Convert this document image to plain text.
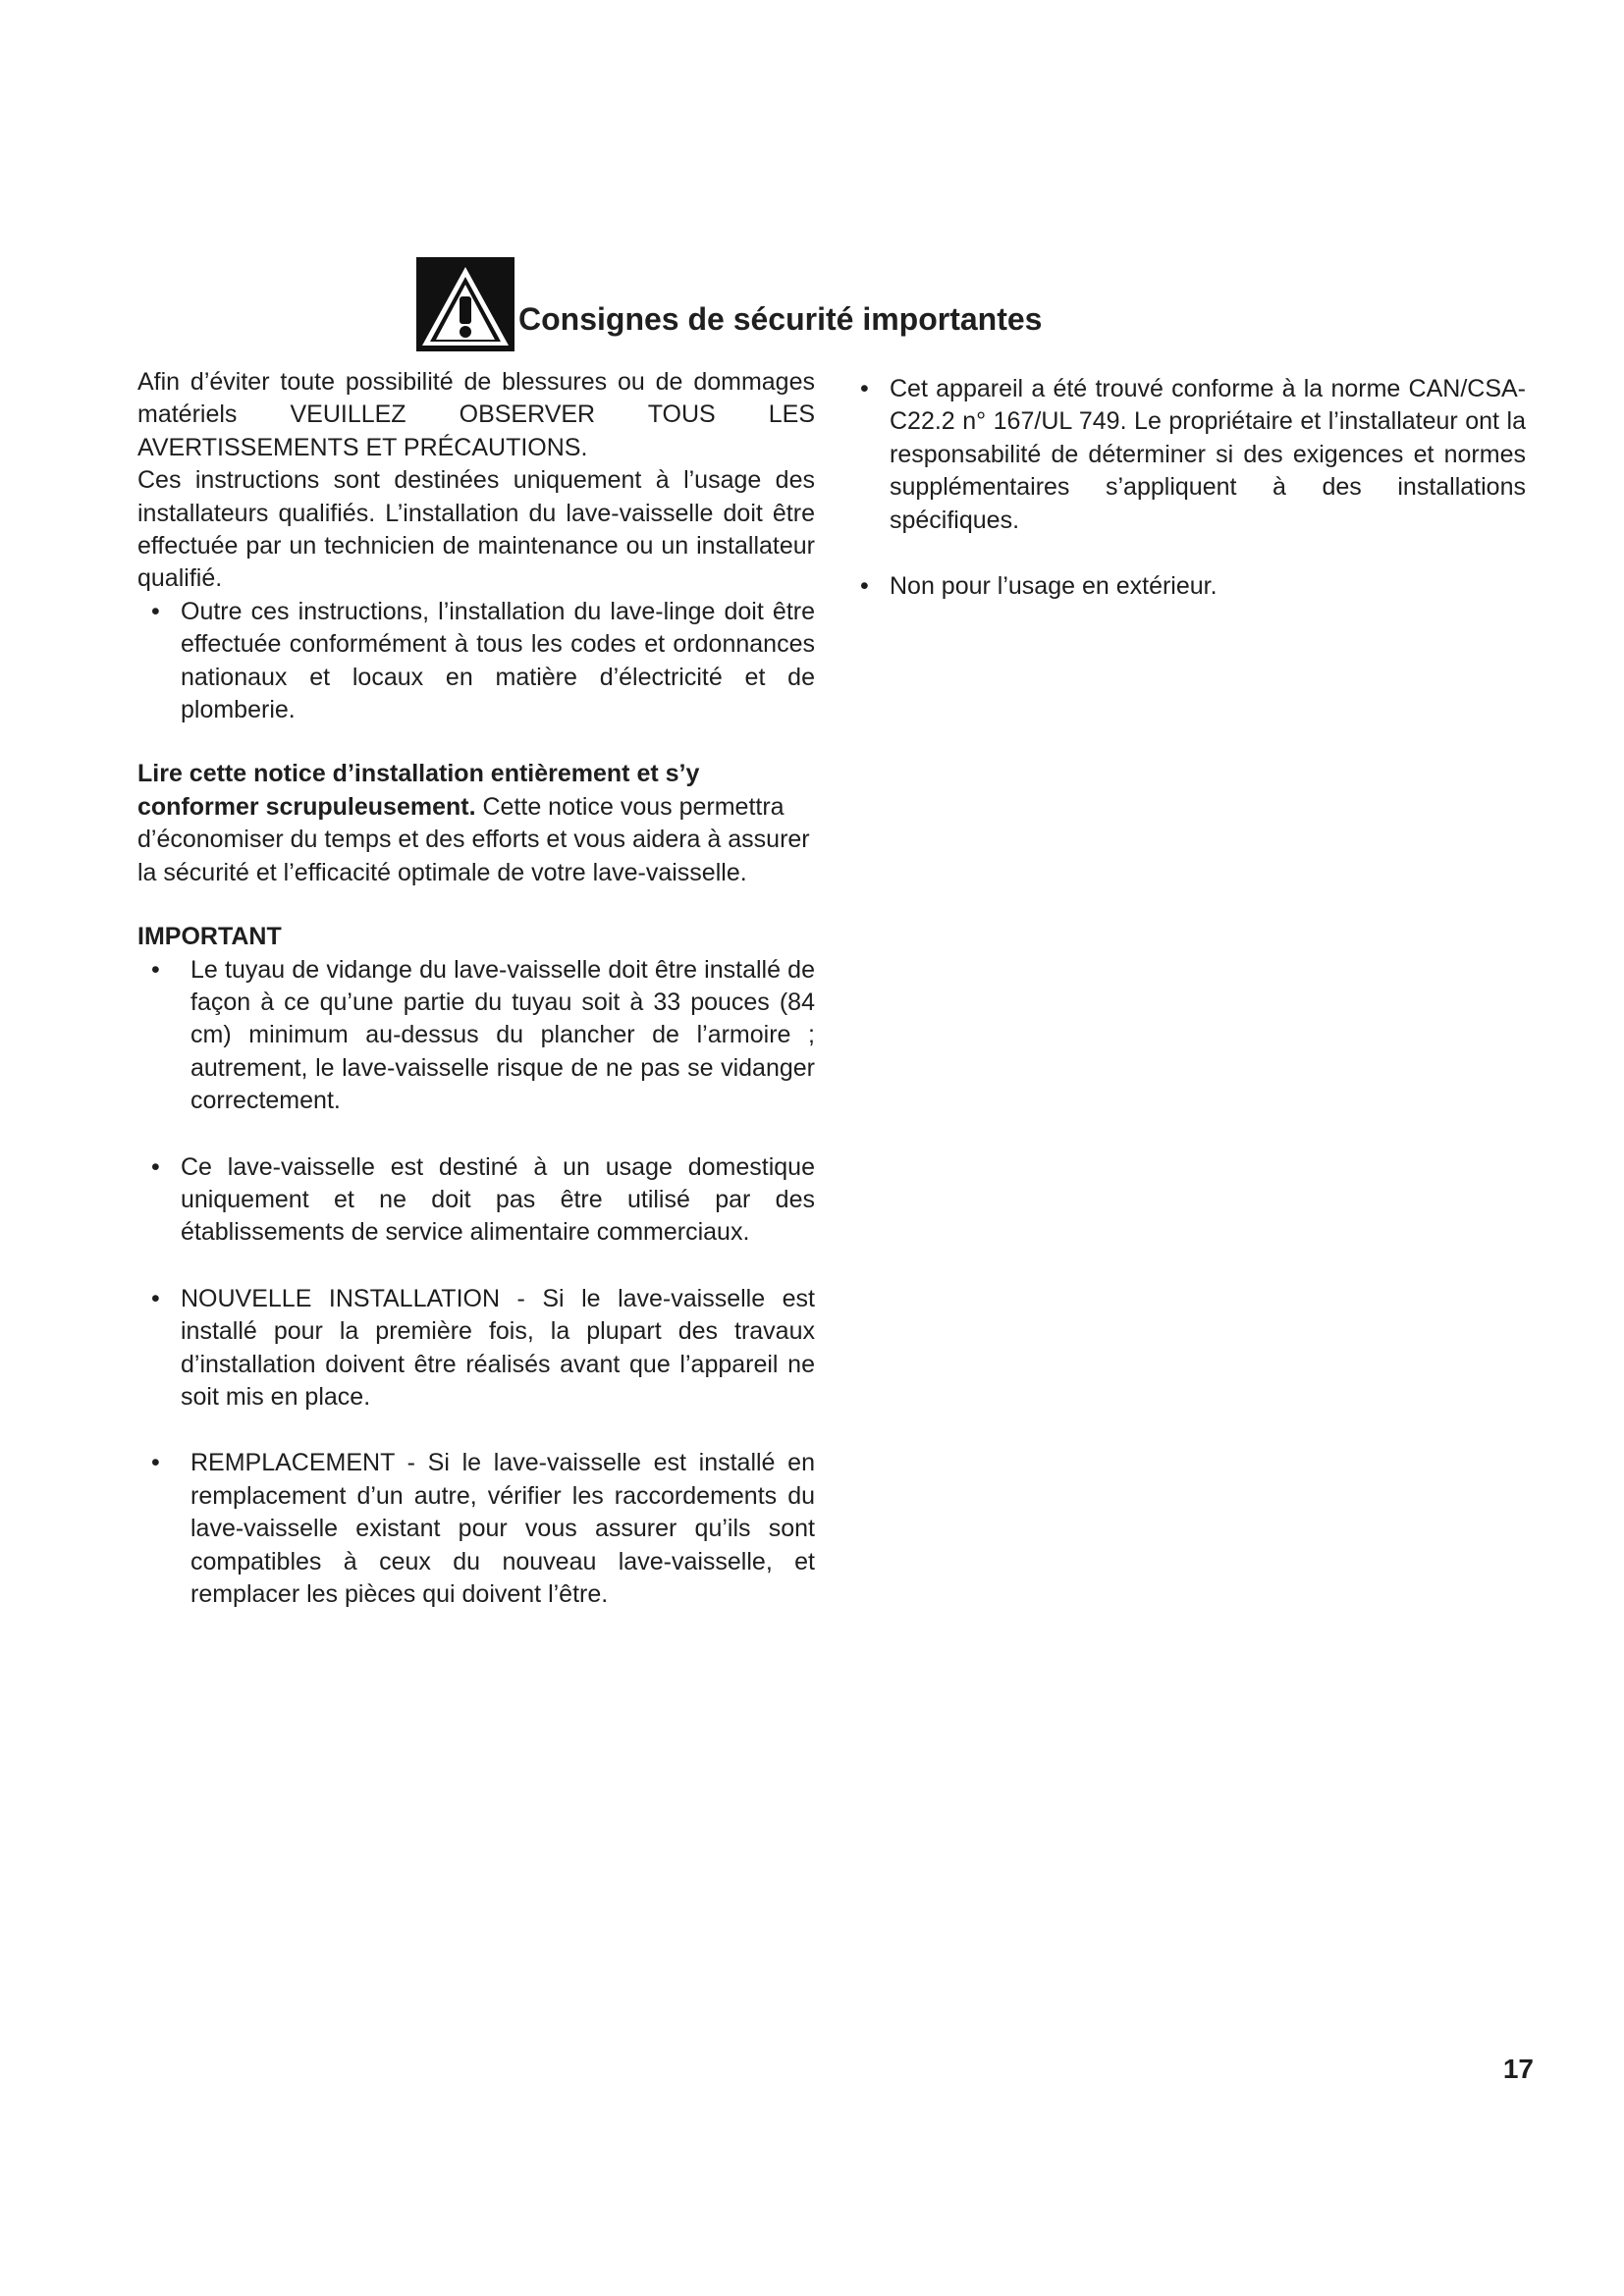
Consignes de sécurité importantes

Afin d’éviter toute possibilité de blessures ou de dommages matériels VEUILLEZ OBSERVER TOUS LES AVERTISSEMENTS ET PRÉCAUTIONS.

Ces instructions sont destinées uniquement à l’usage des installateurs qualifiés. L’installation du lave-vaisselle doit être effectuée par un technicien de maintenance ou un installateur qualifié.

• Outre ces instructions, l’installation du lave-linge doit être effectuée conformément à tous les codes et ordonnances nationaux et locaux en matière d’électricité et de plomberie.

Lire cette notice d’installation entièrement et s’y conformer scrupuleusement. Cette notice vous permettra d’économiser du temps et des efforts et vous aidera à assurer la sécurité et l’efficacité optimale de votre lave-vaisselle.

IMPORTANT

• Le tuyau de vidange du lave-vaisselle doit être installé de façon à ce qu’une partie du tuyau soit à 33 pouces (84 cm) minimum au-dessus du plancher de l’armoire ; autrement, le lave-vaisselle risque de ne pas se vidanger correctement.
• Ce lave-vaisselle est destiné à un usage domestique uniquement et ne doit pas être utilisé par des établissements de service alimentaire commerciaux.
• NOUVELLE INSTALLATION - Si le lave-vaisselle est installé pour la première fois, la plupart des travaux d’installation doivent être réalisés avant que l’appareil ne soit mis en place.
• REMPLACEMENT - Si le lave-vaisselle est installé en remplacement d’un autre, vérifier les raccordements du lave-vaisselle existant pour vous assurer qu’ils sont compatibles à ceux du nouveau lave-vaisselle, et remplacer les pièces qui doivent l’être.
• Cet appareil a été trouvé conforme à la norme CAN/CSA-C22.2 n° 167/UL 749. Le propriétaire et l’installateur ont la responsabilité de déterminer si des exigences et normes supplémentaires s’appliquent à des installations spécifiques.
• Non pour l’usage en extérieur.
17
